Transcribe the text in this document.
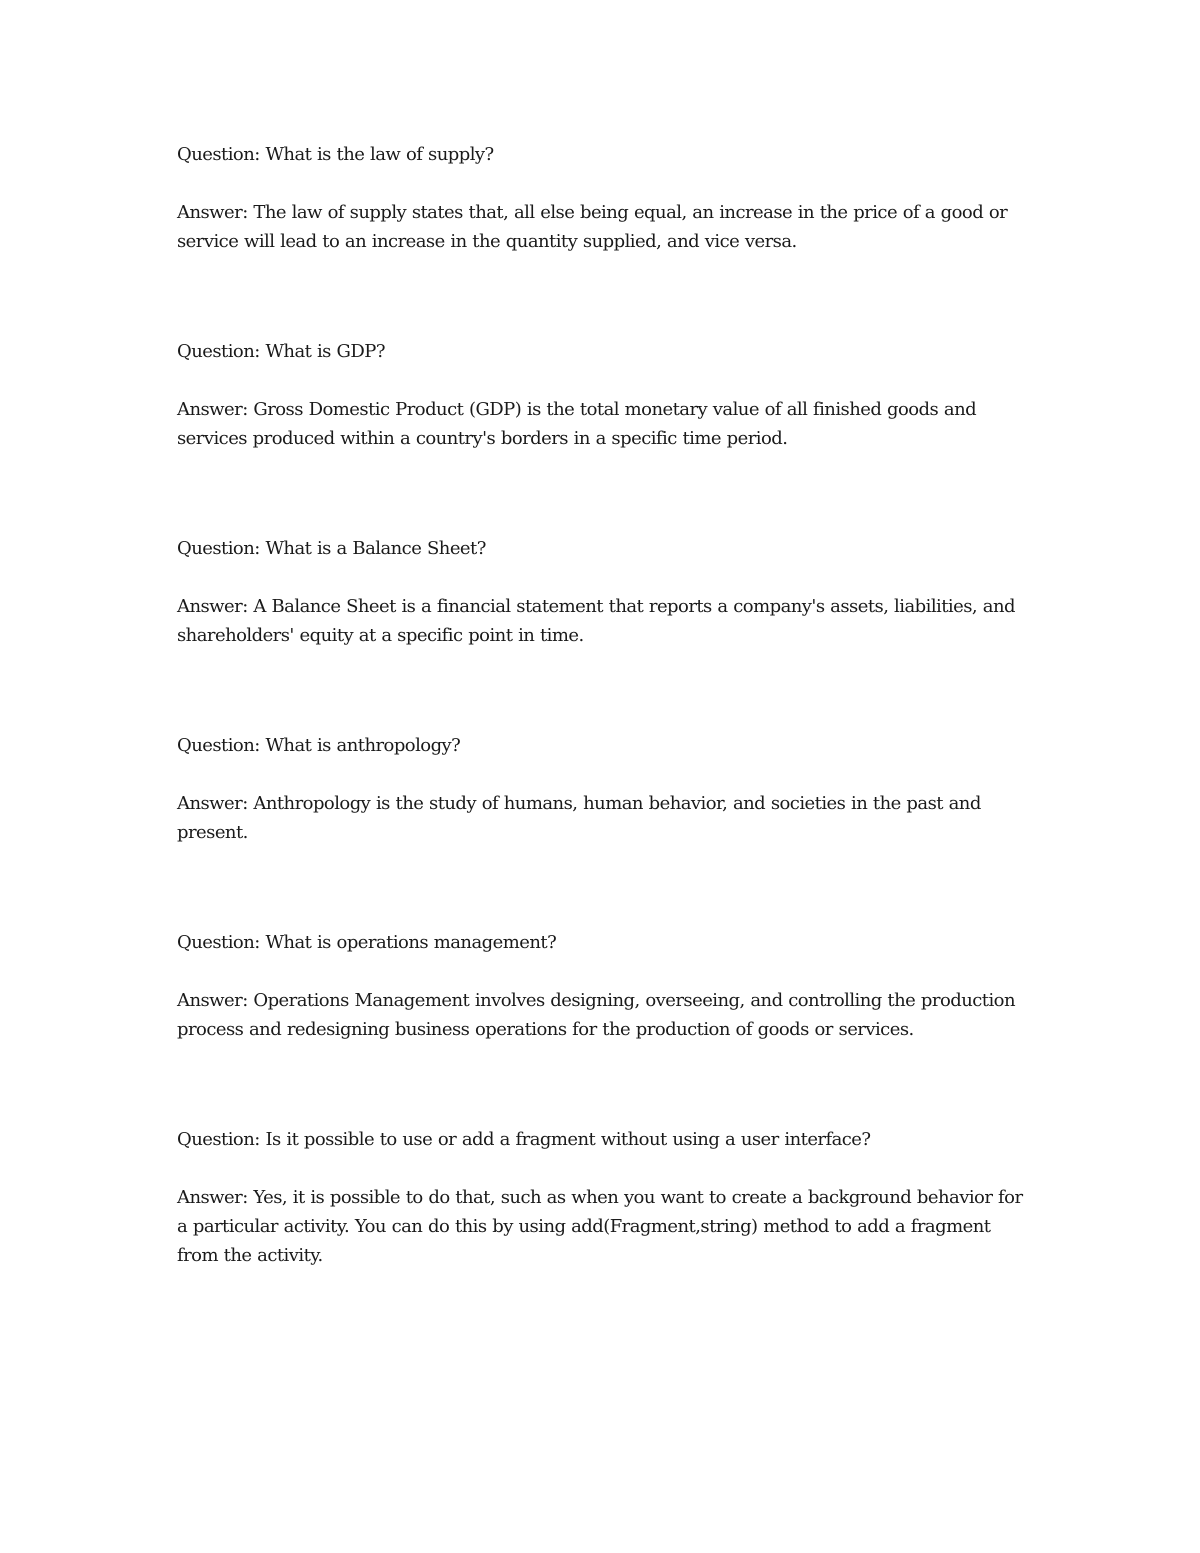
Question: What is the law of supply?

Answer: The law of supply states that, all else being equal, an increase in the price of a good or service will lead to an increase in the quantity supplied, and vice versa.

Question: What is GDP?

Answer: Gross Domestic Product (GDP) is the total monetary value of all finished goods and services produced within a country's borders in a specific time period.

Question: What is a Balance Sheet?

Answer: A Balance Sheet is a financial statement that reports a company's assets, liabilities, and shareholders' equity at a specific point in time.

Question: What is anthropology?

Answer: Anthropology is the study of humans, human behavior, and societies in the past and present.

Question: What is operations management?

Answer: Operations Management involves designing, overseeing, and controlling the production process and redesigning business operations for the production of goods or services.

Question: Is it possible to use or add a fragment without using a user interface?

Answer: Yes, it is possible to do that, such as when you want to create a background behavior for a particular activity. You can do this by using add(Fragment,string) method to add a fragment from the activity.
